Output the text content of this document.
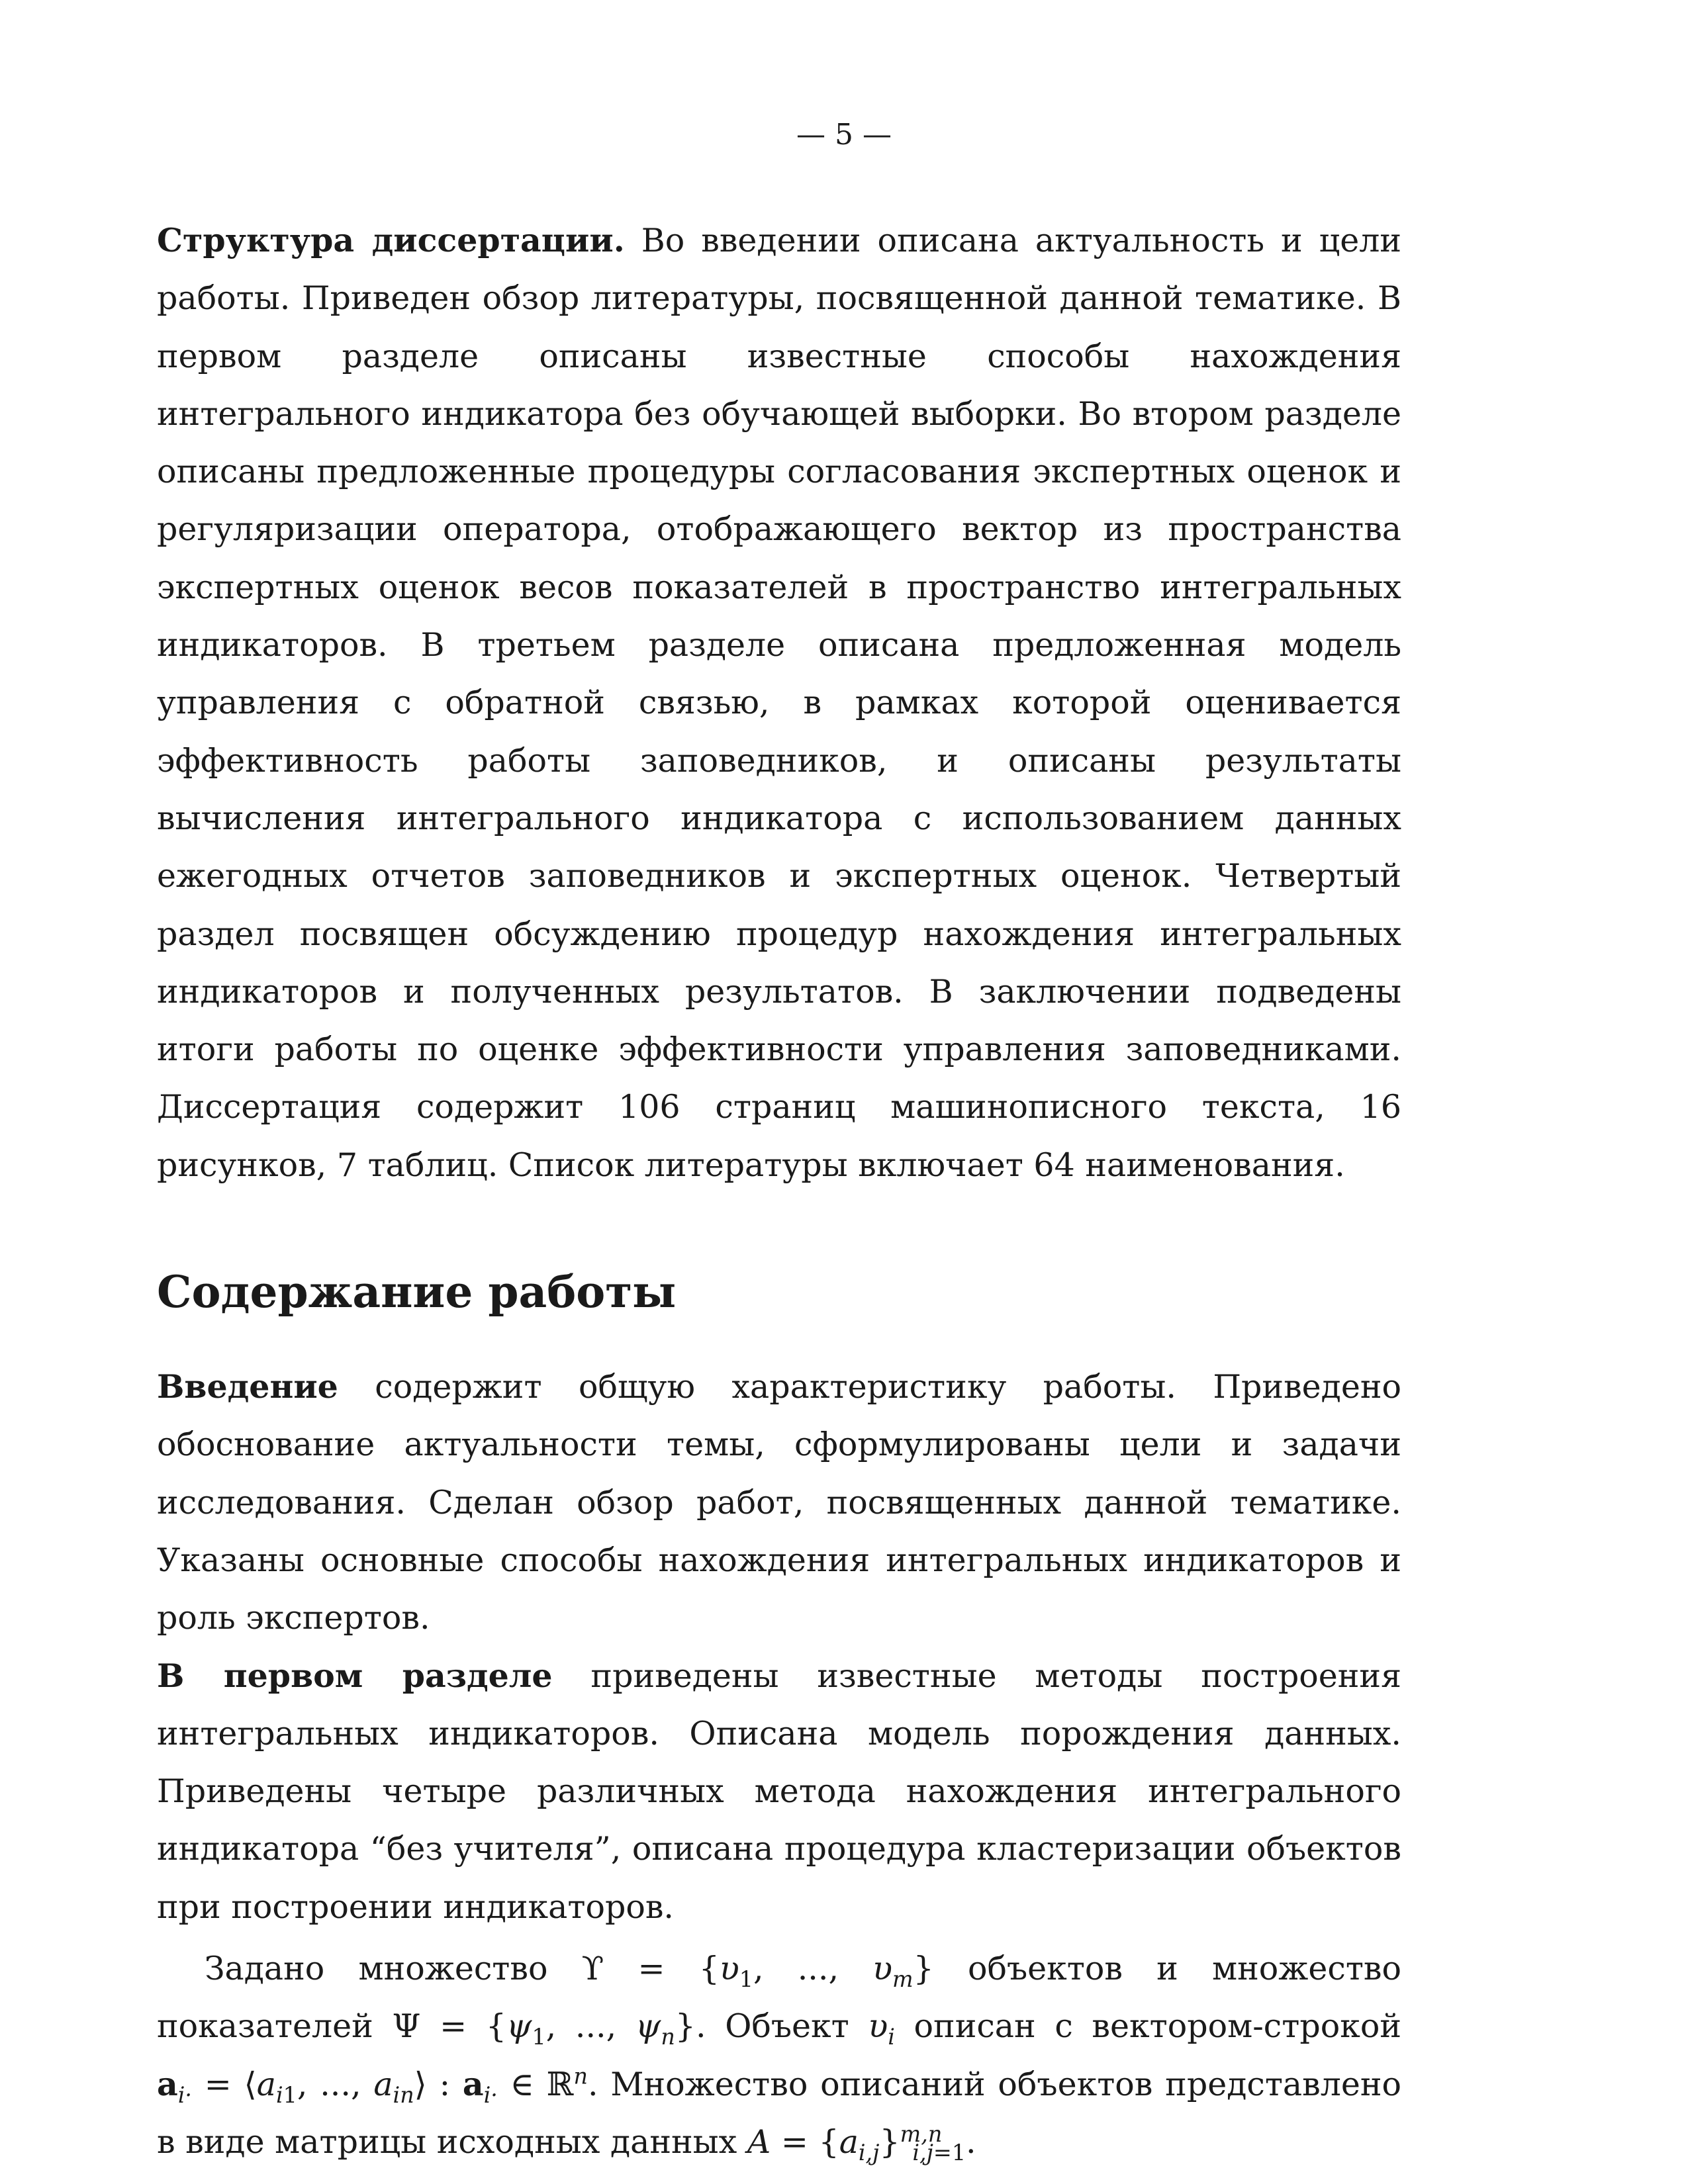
— 5 —

Структура диссертации. Во введении описана актуальность и цели работы. Приведен обзор литературы, посвященной данной тематике. В первом разделе описаны известные способы нахождения интегрального индикатора без обучающей выборки. Во втором разделе описаны предложенные процедуры согласования экспертных оценок и регуляризации оператора, отображающего вектор из пространства экспертных оценок весов показателей в пространство интегральных индикаторов. В третьем разделе описана предложенная модель управления с обратной связью, в рамках которой оценивается эффективность работы заповедников, и описаны результаты вычисления интегрального индикатора с использованием данных ежегодных отчетов заповедников и экспертных оценок. Четвертый раздел посвящен обсуждению процедур нахождения интегральных индикаторов и полученных результатов. В заключении подведены итоги работы по оценке эффективности управления заповедниками. Диссертация содержит 106 страниц машинописного текста, 16 рисунков, 7 таблиц. Список литературы включает 64 наименования.

Содержание работы

Введение содержит общую характеристику работы. Приведено обоснование актуальности темы, сформулированы цели и задачи исследования. Сделан обзор работ, посвященных данной тематике. Указаны основные способы нахождения интегральных индикаторов и роль экспертов.

В первом разделе приведены известные методы построения интегральных индикаторов. Описана модель порождения данных. Приведены четыре различных метода нахождения интегрального индикатора “без учителя”, описана процедура кластеризации объектов при построении индикаторов.

Задано множество $ϒ = \{\upsilon_1$, ..., $\upsilon_m$} объектов и множество показателей $\Psi = \{\psi_1$, ..., $\psi_n$}. Объект $\upsilon_i$ описан с вектором-строкой $a_{i\cdot}$ = $⟨a_{i1}$, ..., $a_{in}⟩$ : $a_{i\cdot}$ ∈ ℝ$^n$. Множество описаний объектов представлено в виде матрицы исходных данных $A = \{a_{i,j}\}^{m,n}_{i,j=1}$.
